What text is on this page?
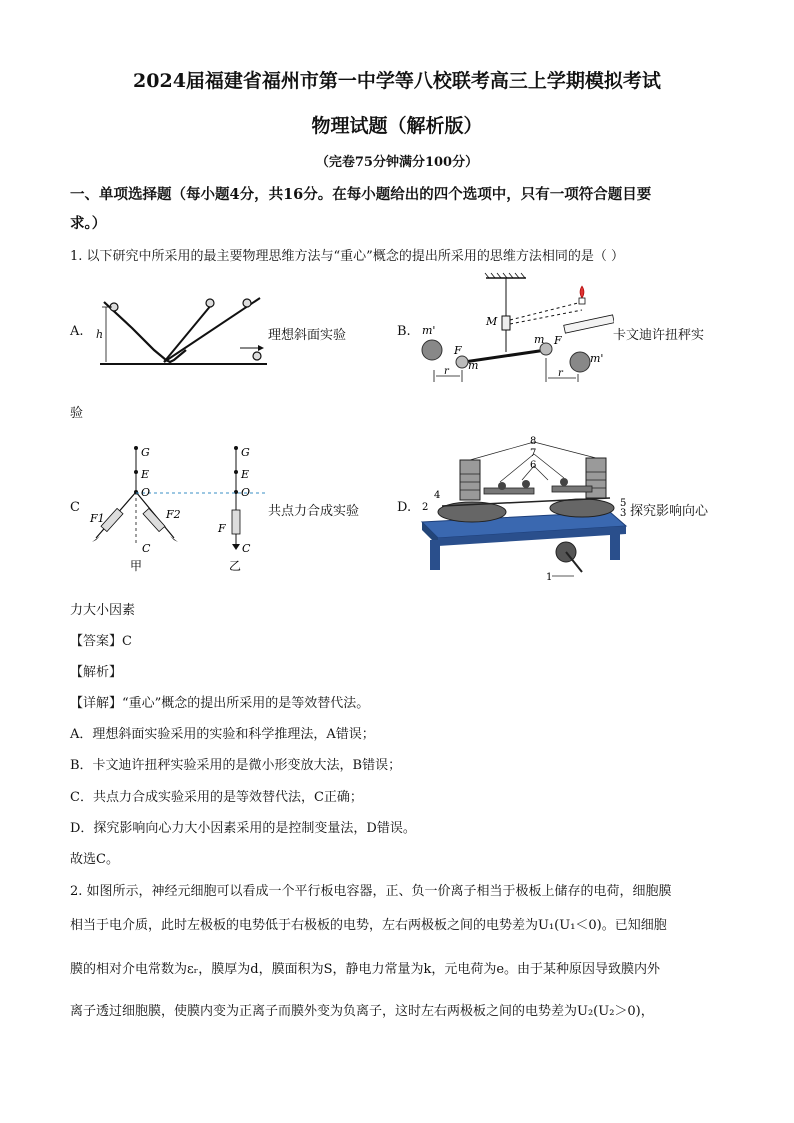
2024届福建省福州市第一中学等八校联考高三上学期模拟考试
物理试题（解析版）
（完卷75分钟满分100分）
一、单项选择题（每小题4分，共16分。在每小题给出的四个选项中，只有一项符合题目要
求。）
1. 以下研究中所采用的最主要物理思维方法与“重心”概念的提出所采用的思维方法相同的是（ ）
A. h	理想斜面实验	B. m'
m'
m
m
M
F
F
r	r
卡文迪许扭秤实
验
C
G
E
O
G
E
O
F1	F2
F
C	C
甲	乙
共点力合成实验	D.
8
7
6
4
2	5
3
1
探究影响向心
力大小因素
【答案】C
【解析】
【详解】“重心”概念的提出所采用的是等效替代法。
A．理想斜面实验采用的实验和科学推理法，A错误；
B．卡文迪许扭秤实验采用的是微小形变放大法，B错误；
C．共点力合成实验采用的是等效替代法，C正确；
D．探究影响向心力大小因素采用的是控制变量法，D错误。
故选C。
2. 如图所示，神经元细胞可以看成一个平行板电容器，正、负一价离子相当于极板上储存的电荷，细胞膜
相当于电介质，此时左极板的电势低于右极板的电势，左右两极板之间的电势差为U₁(U₁＜0)。已知细胞
膜的相对介电常数为εᵣ，膜厚为d，膜面积为S，静电力常量为k，元电荷为e。由于某种原因导致膜内外
离子透过细胞膜，使膜内变为正离子而膜外变为负离子，这时左右两极板之间的电势差为U₂(U₂＞0)，
